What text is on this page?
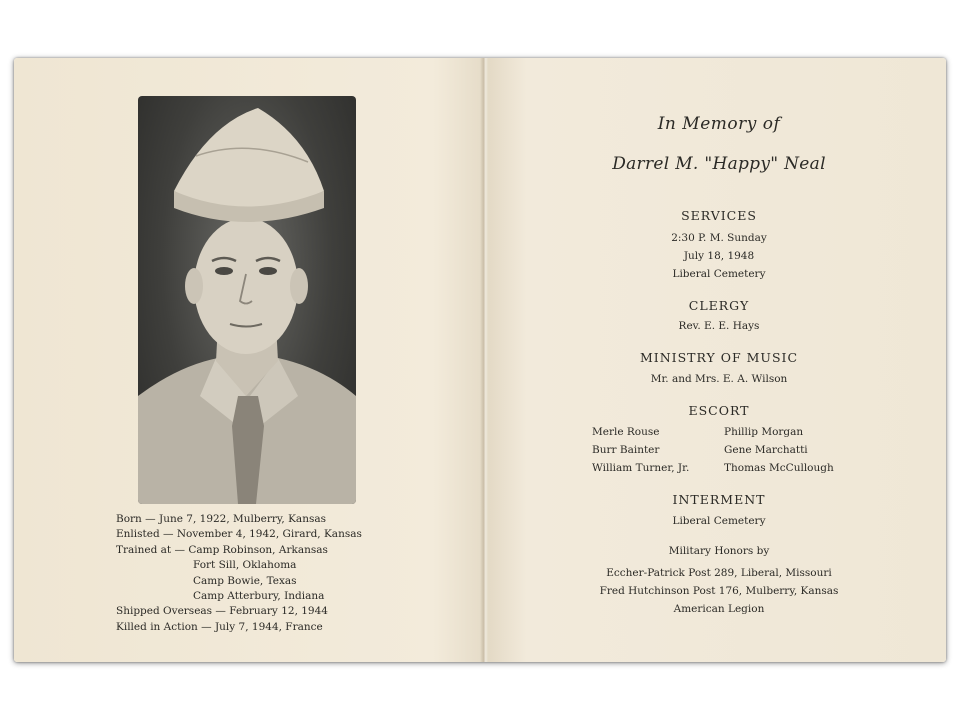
Born — June 7, 1922, Mulberry, Kansas
Enlisted — November 4, 1942, Girard, Kansas
Trained at — Camp Robinson, Arkansas
Fort Sill, Oklahoma
Camp Bowie, Texas
Camp Atterbury, Indiana
Shipped Overseas — February 12, 1944
Killed in Action — July 7, 1944, France
In Memory of
Darrel M. "Happy" Neal
SERVICES
2:30 P. M. Sunday
July 18, 1948
Liberal Cemetery
CLERGY
Rev. E. E. Hays
MINISTRY OF MUSIC
Mr. and Mrs. E. A. Wilson
ESCORT
Merle Rouse
Burr Bainter
William Turner, Jr.
Phillip Morgan
Gene Marchatti
Thomas McCullough
INTERMENT
Liberal Cemetery
Military Honors by
Eccher-Patrick Post 289, Liberal, Missouri
Fred Hutchinson Post 176, Mulberry, Kansas
American Legion
